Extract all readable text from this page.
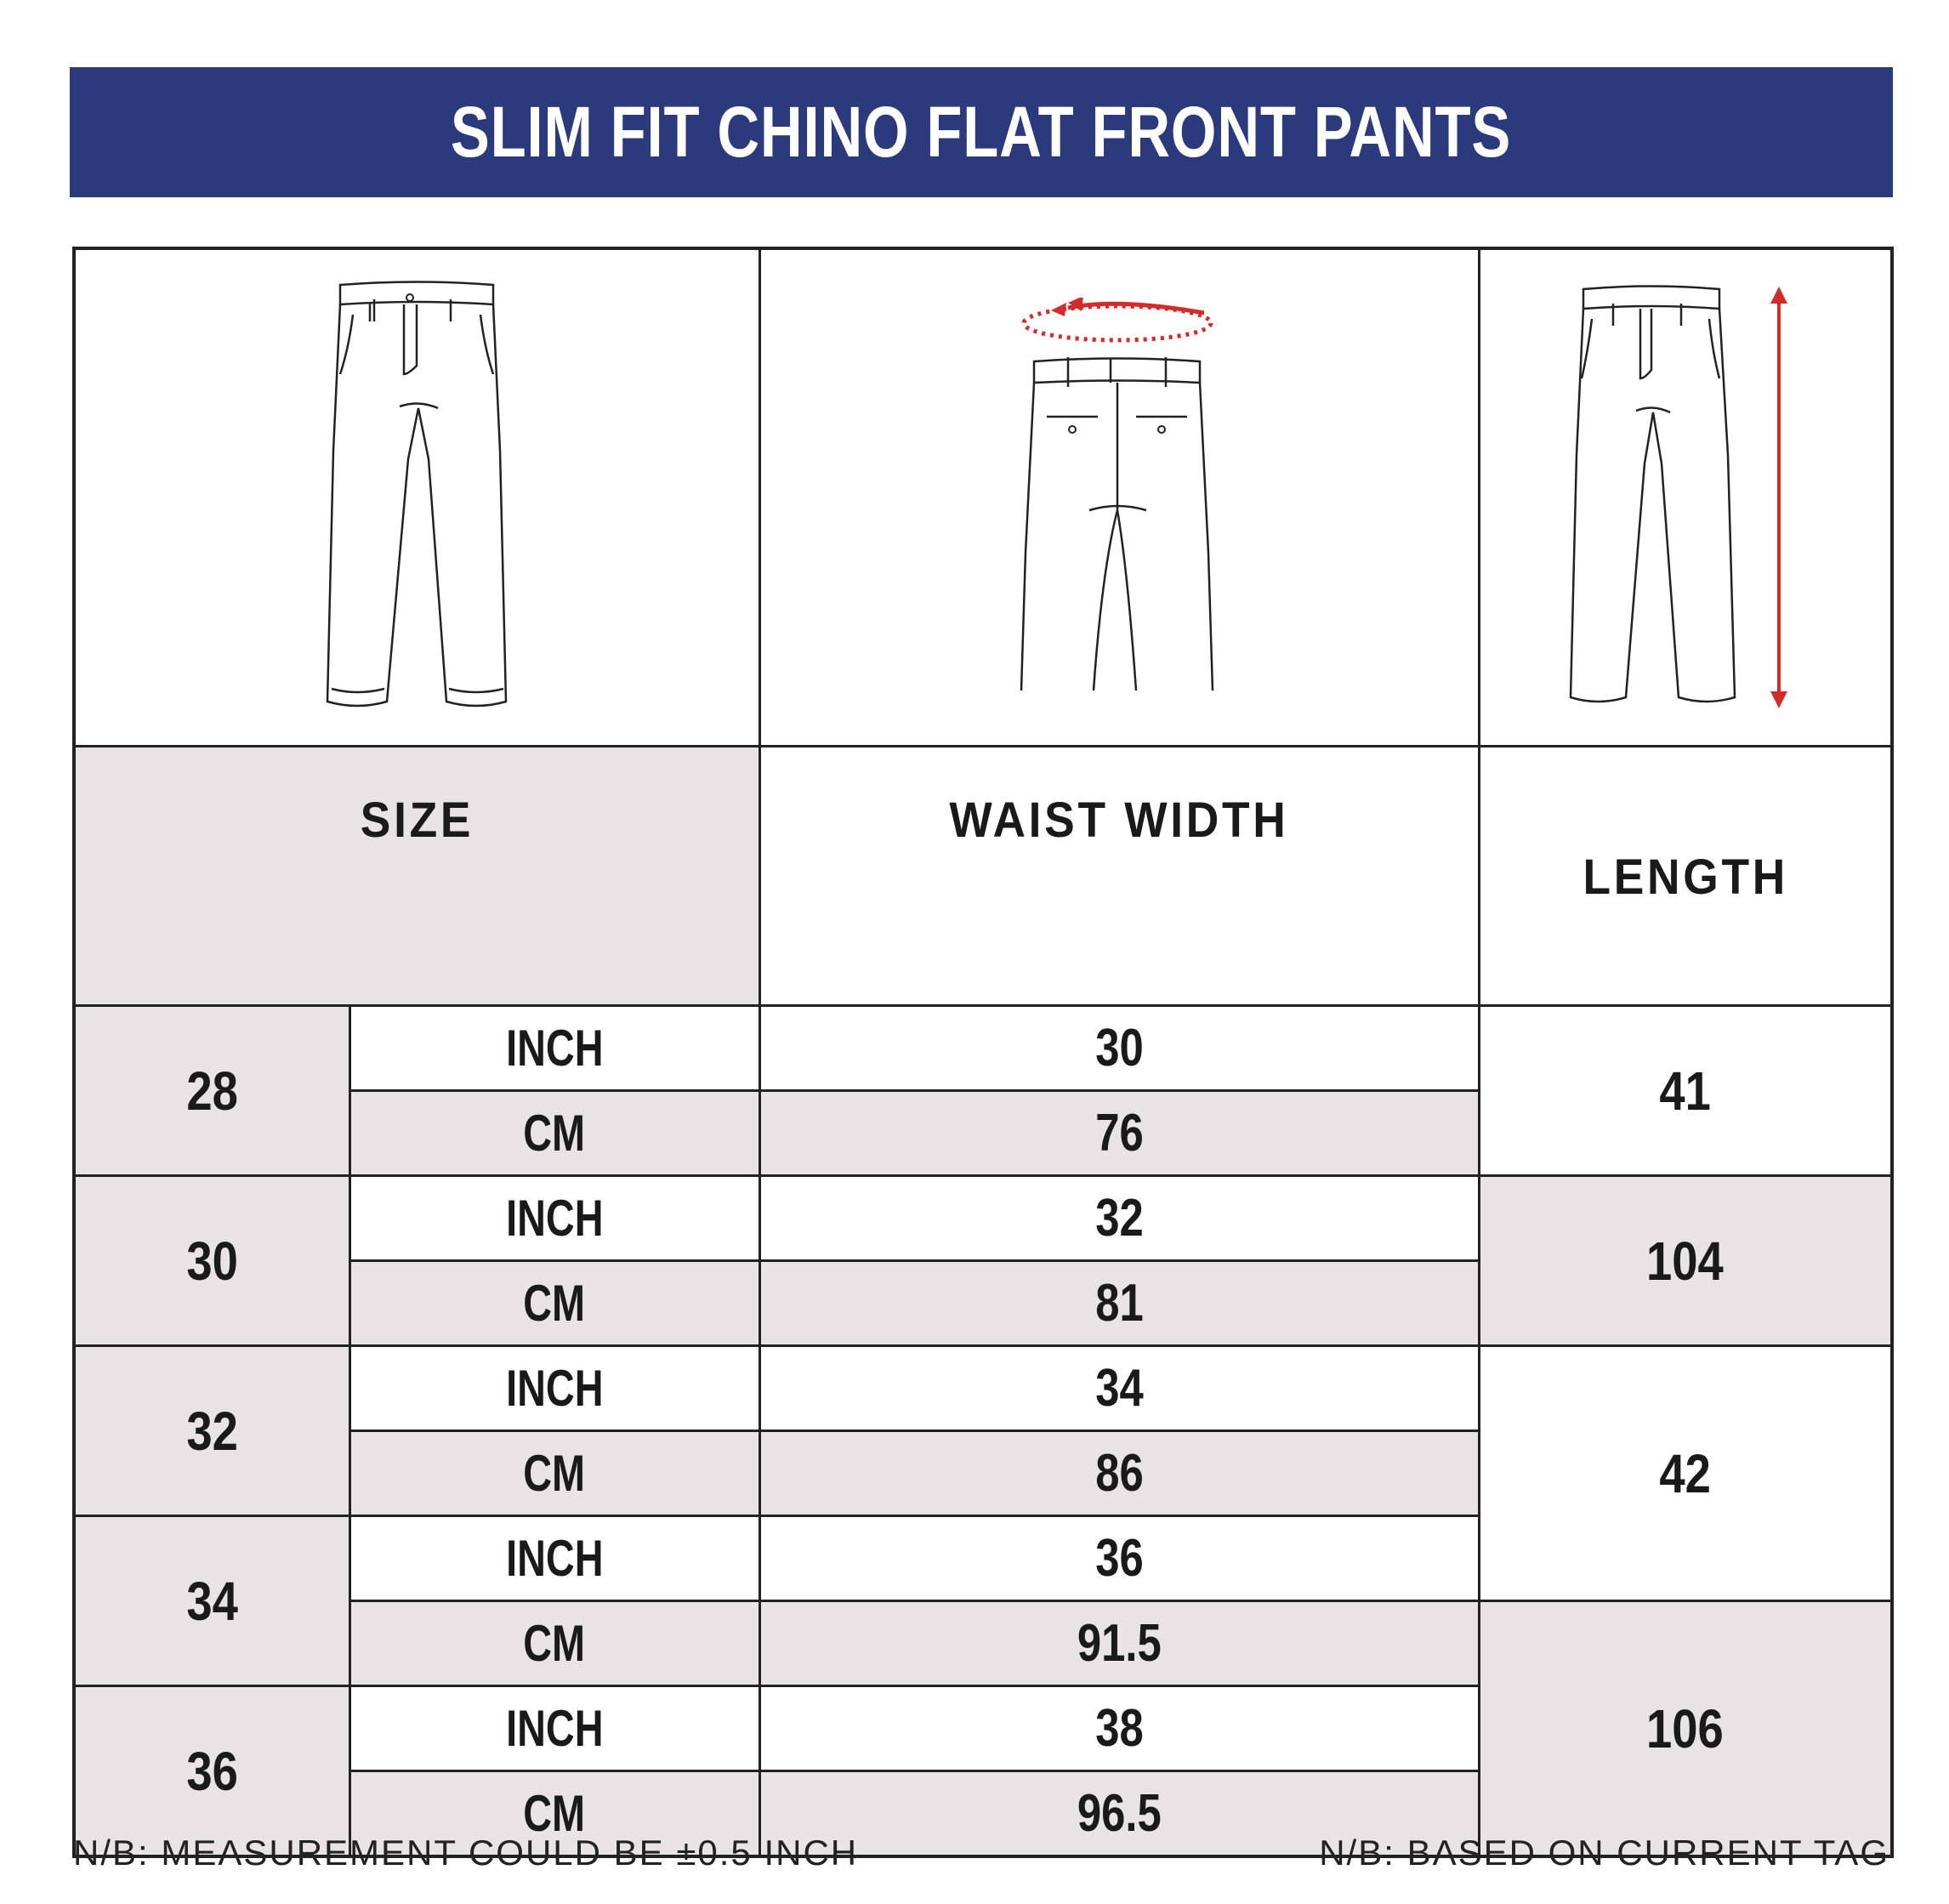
SLIM FIT CHINO FLAT FRONT PANTS

SIZE		WAIST WIDTH	LENGTH
28	INCH	30	41
	CM	76	
30	INCH	32	104
	CM	81	
32	INCH	34	42
	CM	86	
34	INCH	36	
	CM	91.5	106
36	INCH	38	
	CM	96.5	
N/B: MEASUREMENT COULD BE ±0.5 INCH	N/B: BASED ON CURRENT TAG
